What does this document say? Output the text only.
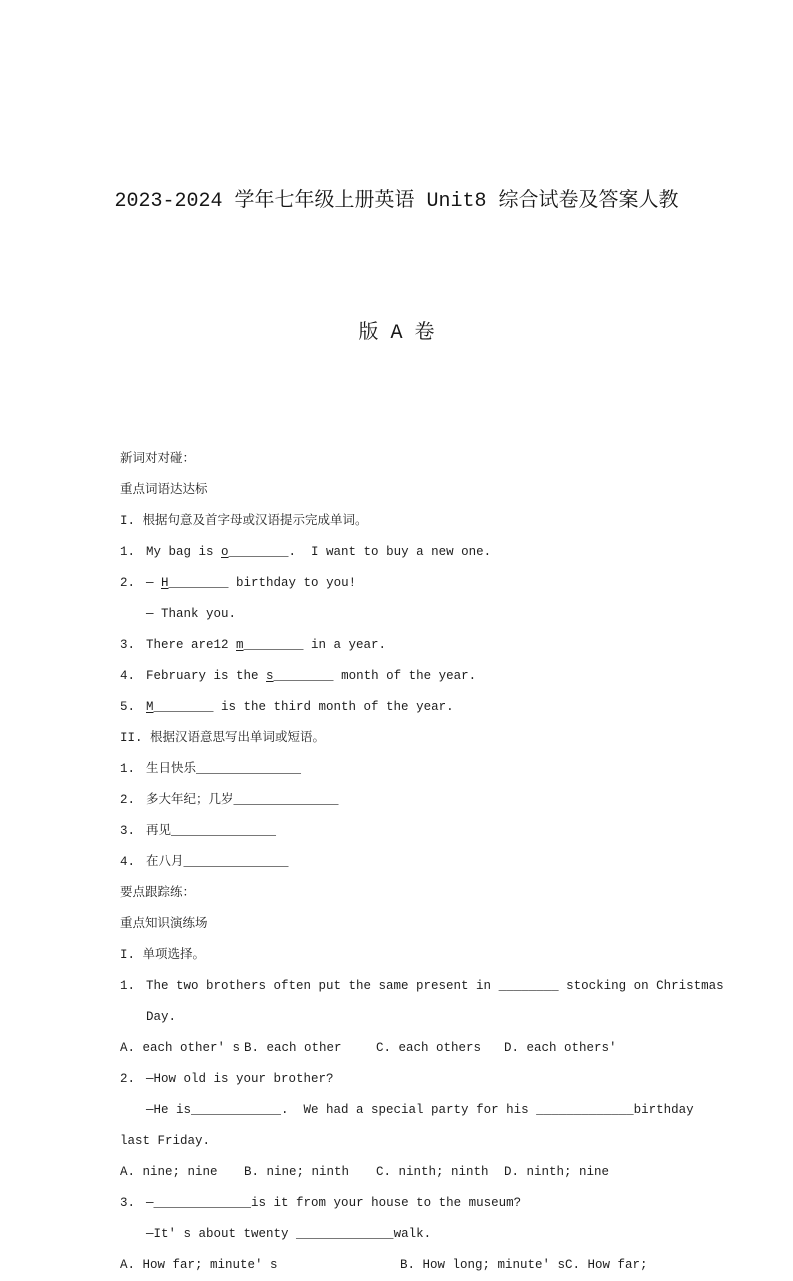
2023-2024 学年七年级上册英语 Unit8 综合试卷及答案人教

版 A 卷

新词对对碰：
重点词语达达标
I. 根据句意及首字母或汉语提示完成单词。
1. My bag is o________.  I want to buy a new one.
2. — H________ birthday to you!
— Thank you.
3. There are12 m________ in a year.
4. February is the s________ month of the year.
5. M________ is the third month of the year.
II. 根据汉语意思写出单词或短语。
1. 生日快乐______________
2. 多大年纪；几岁______________
3. 再见______________
4. 在八月______________
要点跟踪练：
重点知识演练场
I. 单项选择。
1. The two brothers often put the same present in ________ stocking on Christmas
Day.
A. each other' s B. each other	C. each others	D. each others'
2. —How old is your brother?
—He is____________.  We had a special party for his _____________birthday
last Friday.
A. nine; nine	B. nine; ninth	C. ninth; ninth	D. ninth; nine
3. —_____________is it from your house to the museum?
—It' s about twenty _____________walk.
A. How far; minute' s	B. How long; minute' s C. How far;
